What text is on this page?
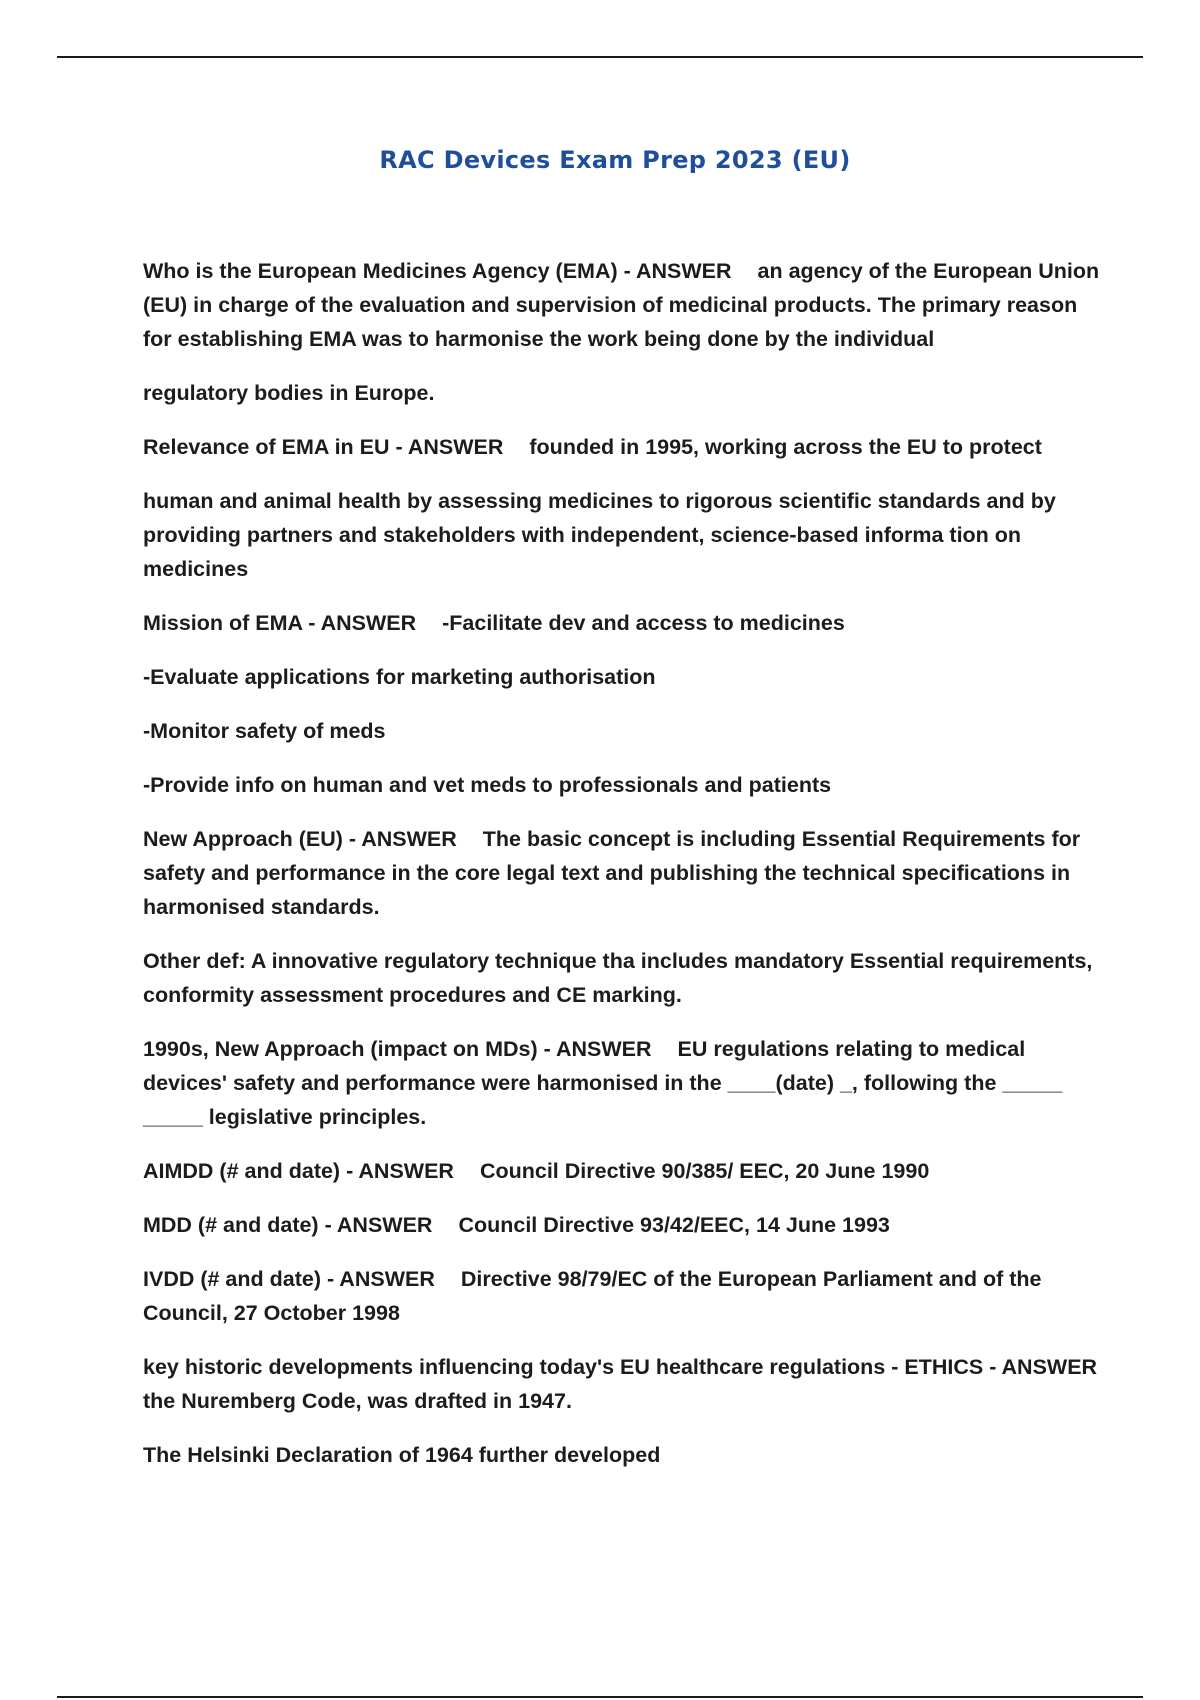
RAC Devices Exam Prep 2023 (EU)

Who is the European Medicines Agency (EMA) - ANSWER an agency of the European Union (EU) in charge of the evaluation and supervision of medicinal products. The primary reason for establishing EMA was to harmonise the work being done by the individual

regulatory bodies in Europe.

Relevance of EMA in EU - ANSWER founded in 1995, working across the EU to protect

human and animal health by assessing medicines to rigorous scientific standards and by providing partners and stakeholders with independent, science-based informa tion on medicines

Mission of EMA - ANSWER -Facilitate dev and access to medicines

-Evaluate applications for marketing authorisation

-Monitor safety of meds

-Provide info on human and vet meds to professionals and patients

New Approach (EU) - ANSWER The basic concept is including Essential Requirements for safety and performance in the core legal text and publishing the technical specifications in harmonised standards.

Other def: A innovative regulatory technique tha includes mandatory Essential requirements, conformity assessment procedures and CE marking.

1990s, New Approach (impact on MDs) - ANSWER EU regulations relating to medical devices' safety and performance were harmonised in the ____(date) _, following the _____ _____ legislative principles.

AIMDD (# and date) - ANSWER Council Directive 90/385/ EEC, 20 June 1990

MDD (# and date) - ANSWER Council Directive 93/42/EEC, 14 June 1993

IVDD (# and date) - ANSWER Directive 98/79/EC of the European Parliament and of the Council, 27 October 1998

key historic developments influencing today's EU healthcare regulations - ETHICS - ANSWER the Nuremberg Code, was drafted in 1947.

The Helsinki Declaration of 1964 further developed
